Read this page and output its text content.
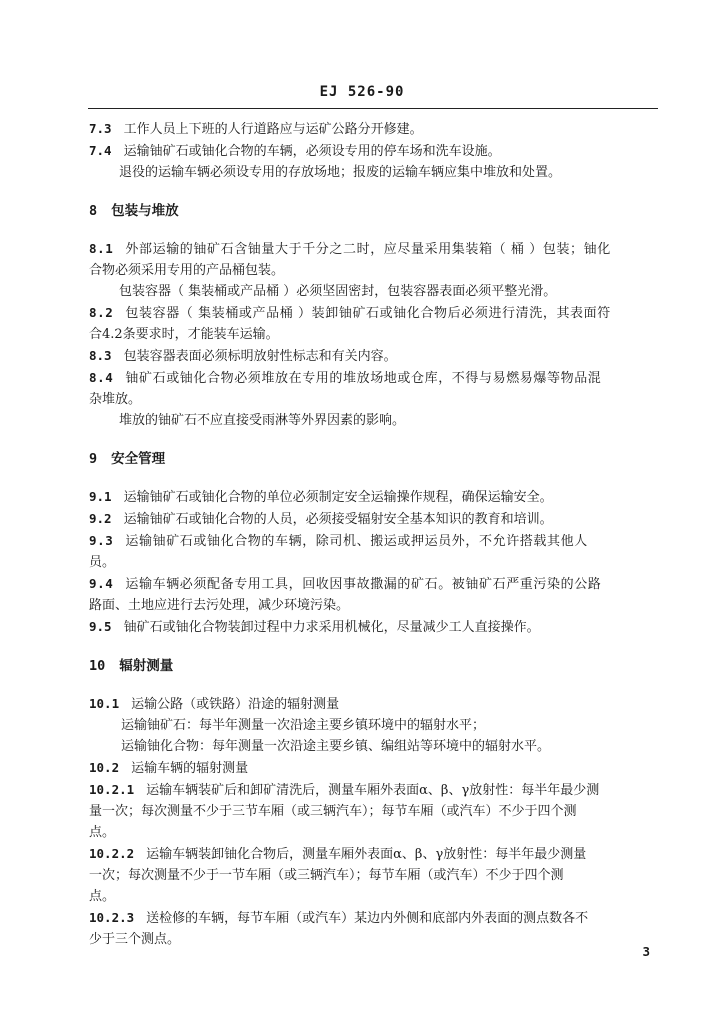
EJ 526-90

7.3 工作人员上下班的人行道路应与运矿公路分开修建。

7.4 运输铀矿石或铀化合物的车辆，必须设专用的停车场和洗车设施。

退役的运输车辆必须设专用的存放场地；报废的运输车辆应集中堆放和处置。

8 包装与堆放

8.1 外部运输的铀矿石含铀量大于千分之二时，应尽量采用集装箱（ 桶 ）包装；铀化

合物必须采用专用的产品桶包装。

包装容器（ 集装桶或产品桶 ）必须坚固密封，包装容器表面必须平整光滑。

8.2 包装容器（ 集装桶或产品桶 ）装卸铀矿石或铀化合物后必须进行清洗，其表面符

合4.2条要求时，才能装车运输。

8.3 包装容器表面必须标明放射性标志和有关内容。

8.4 铀矿石或铀化合物必须堆放在专用的堆放场地或仓库，不得与易燃易爆等物品混

杂堆放。

堆放的铀矿石不应直接受雨淋等外界因素的影响。

9 安全管理

9.1 运输铀矿石或铀化合物的单位必须制定安全运输操作规程，确保运输安全。

9.2 运输铀矿石或铀化合物的人员，必须接受辐射安全基本知识的教育和培训。

9.3 运输铀矿石或铀化合物的车辆，除司机、搬运或押运员外，不允许搭载其他人

员。

9.4 运输车辆必须配备专用工具，回收因事故撒漏的矿石。被铀矿石严重污染的公路

路面、土地应进行去污处理，减少环境污染。

9.5 铀矿石或铀化合物装卸过程中力求采用机械化，尽量减少工人直接操作。

10 辐射测量

10.1 运输公路（或铁路）沿途的辐射测量

运输铀矿石：每半年测量一次沿途主要乡镇环境中的辐射水平；

运输铀化合物：每年测量一次沿途主要乡镇、编组站等环境中的辐射水平。

10.2 运输车辆的辐射测量

10.2.1 运输车辆装矿后和卸矿清洗后，测量车厢外表面α、β、γ放射性：每半年最少测

量一次；每次测量不少于三节车厢（或三辆汽车）；每节车厢（或汽车）不少于四个测

点。

10.2.2 运输车辆装卸铀化合物后，测量车厢外表面α、β、γ放射性：每半年最少测量

一次；每次测量不少于一节车厢（或三辆汽车）；每节车厢（或汽车）不少于四个测

点。

10.2.3 送检修的车辆，每节车厢（或汽车）某边内外侧和底部内外表面的测点数各不

少于三个测点。

3
